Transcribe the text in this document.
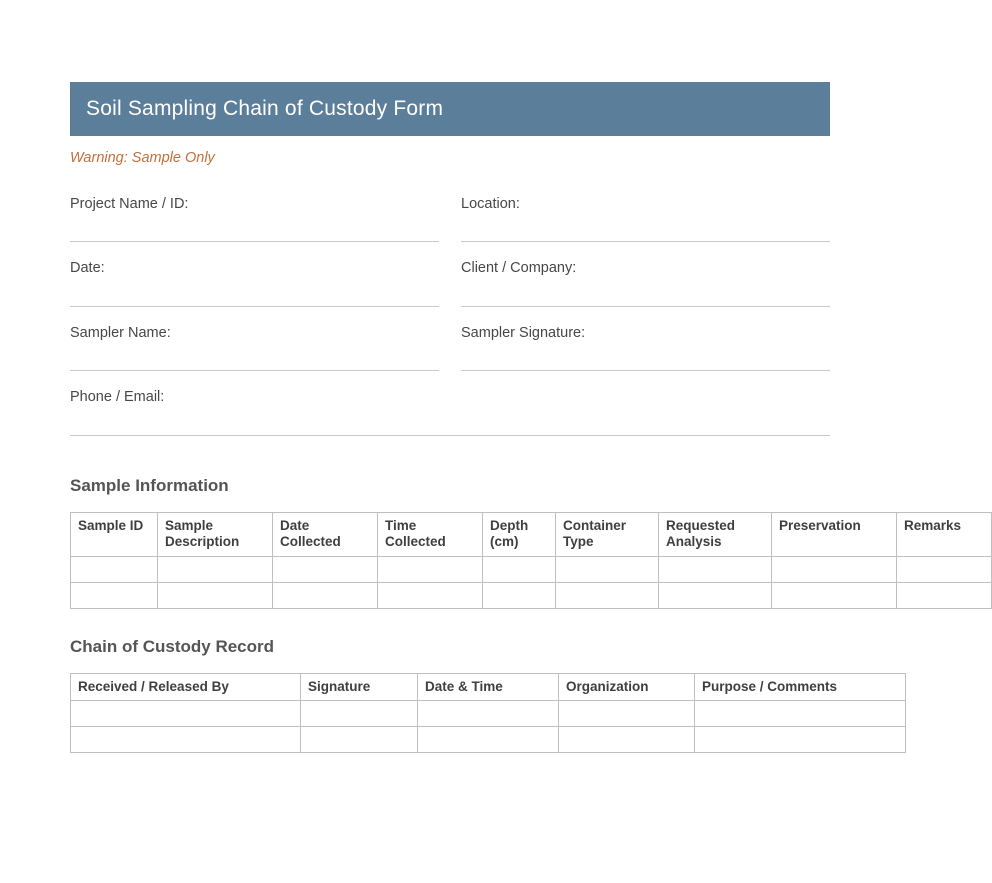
Soil Sampling Chain of Custody Form
Warning: Sample Only
Project Name / ID:	Location:
Date:	Client / Company:
Sampler Name:	Sampler Signature:
Phone / Email:
Sample Information
Sample ID	Sample Description	Date Collected	Time Collected	Depth (cm)	Container Type	Requested Analysis	Preservation	Remarks

Chain of Custody Record
Received / Released By	Signature	Date & Time	Organization	Purpose / Comments
